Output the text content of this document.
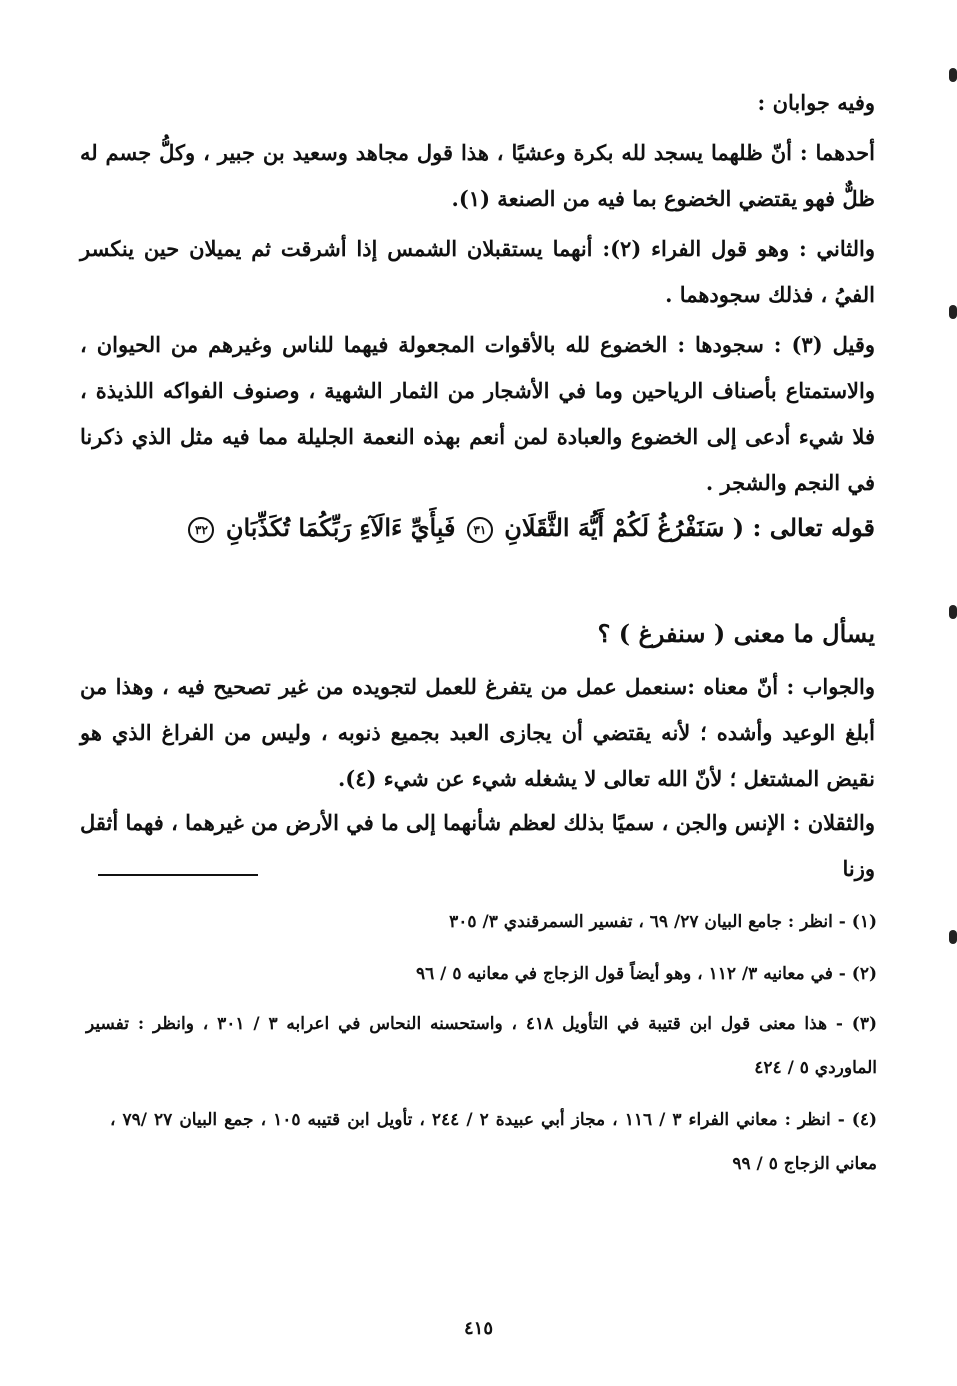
وفيه جوابان :
أحدهما : أنّ ظلهما يسجد لله بكرة وعشيًا ، هذا قول مجاهد وسعيد بن جبير ، وكلُّ جسم له ظلٌّ فهو يقتضي الخضوع بما فيه من الصنعة (١).
والثاني : وهو قول الفراء (٢): أنهما يستقبلان الشمس إذا أشرقت ثم يميلان حين ينكسر الفيُ ، فذلك سجودهما .
وقيل (٣) : سجودها : الخضوع لله بالأقوات المجعولة فيهما للناس وغيرهم من الحيوان ، والاستمتاع بأصناف الرياحين وما في الأشجار من الثمار الشهية ، وصنوف الفواكه اللذيذة ، فلا شيء أدعى إلى الخضوع والعبادة لمن أنعم بهذه النعمة الجليلة مما فيه مثل الذي ذكرنا في النجم والشجر .
قوله تعالى : ( سَنَفْرُغُ لَكُمْ أَيُّهَ الثَّقَلَانِ ٣١ فَبِأَيِّ ءَالَآءِ رَبِّكُمَا تُكَذِّبَانِ ٣٢
يسأل ما معنى ( سنفرغ ) ؟
والجواب : أنّ معناه :سنعمل عمل من يتفرغ للعمل لتجويده من غير تصحيح فيه ، وهذا من أبلغ الوعيد وأشده ؛ لأنه يقتضي أن يجازى العبد بجميع ذنوبه ، وليس من الفراغ الذي هو نقيض المشتغل ؛ لأنّ الله تعالى لا يشغله شيء عن شيء (٤).
والثقلان : الإنس والجن ، سميًا بذلك لعظم شأنهما إلى ما في الأرض من غيرهما ، فهما أثقل وزنا
(١) - انظر : جامع البيان ٢٧/ ٦٩ ، تفسير السمرقندي ٣/ ٣٠٥
(٢) - في معانيه ٣/ ١١٢ ، وهو أيضاً قول الزجاج في معانيه ٥ / ٩٦
(٣) - هذا معنى قول ابن قتيبة في التأويل ٤١٨ ، واستحسنه النحاس في اعرابه ٣ / ٣٠١ ، وانظر : تفسير الماوردي ٥ / ٤٢٤
(٤) - انظر : معاني الفراء ٣ / ١١٦ ، مجاز أبي عبيدة ٢ / ٢٤٤ ، تأويل ابن قتيبه ١٠٥ ، جمع البيان ٢٧ /٧٩ ، معاني الزجاج ٥ / ٩٩
٤١٥
